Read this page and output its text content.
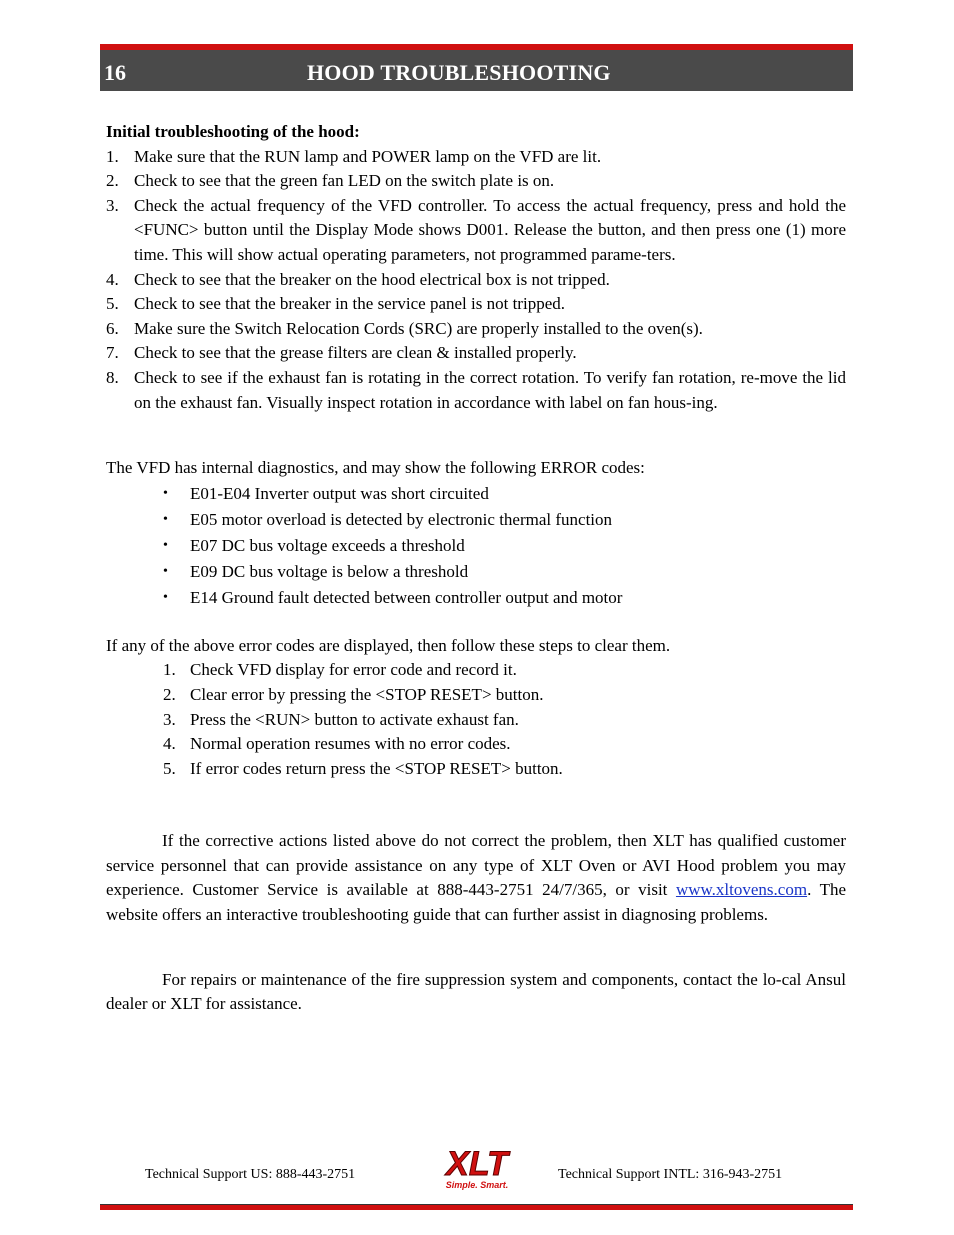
16	HOOD TROUBLESHOOTING
Initial troubleshooting of the hood:
1. Make sure that the RUN lamp and POWER lamp on the VFD are lit.
2. Check to see that the green fan LED on the switch plate is on.
3. Check the actual frequency of the VFD controller. To access the actual frequency, press and hold the <FUNC> button until the Display Mode shows D001. Release the button, and then press one (1) more time. This will show actual operating parameters, not programmed parame-ters.
4. Check to see that the breaker on the hood electrical box is not tripped.
5. Check to see that the breaker in the service panel is not tripped.
6. Make sure the Switch Relocation Cords (SRC) are properly installed to the oven(s).
7. Check to see that the grease filters are clean & installed properly.
8. Check to see if the exhaust fan is rotating in the correct rotation. To verify fan rotation, re-move the lid on the exhaust fan. Visually inspect rotation in accordance with label on fan hous-ing.

The VFD has internal diagnostics, and may show the following ERROR codes:

• E01-E04 Inverter output was short circuited
• E05 motor overload is detected by electronic thermal function
• E07 DC bus voltage exceeds a threshold
• E09 DC bus voltage is below a threshold
• E14 Ground fault detected between controller output and motor

If any of the above error codes are displayed, then follow these steps to clear them.

1. Check VFD display for error code and record it.
2. Clear error by pressing the <STOP RESET> button.
3. Press the <RUN> button to activate exhaust fan.
4. Normal operation resumes with no error codes.
5. If error codes return press the <STOP RESET> button.

If the corrective actions listed above do not correct the problem, then XLT has qualified customer service personnel that can provide assistance on any type of XLT Oven or AVI Hood problem you may experience. Customer Service is available at 888-443-2751 24/7/365, or visit www.xltovens.com. The website offers an interactive troubleshooting guide that can further assist in diagnosing problems.

For repairs or maintenance of the fire suppression system and components, contact the lo-cal Ansul dealer or XLT for assistance.

Technical Support US: 888-443-2751	XLT
Simple. Smart.
Technical Support INTL: 316-943-2751
